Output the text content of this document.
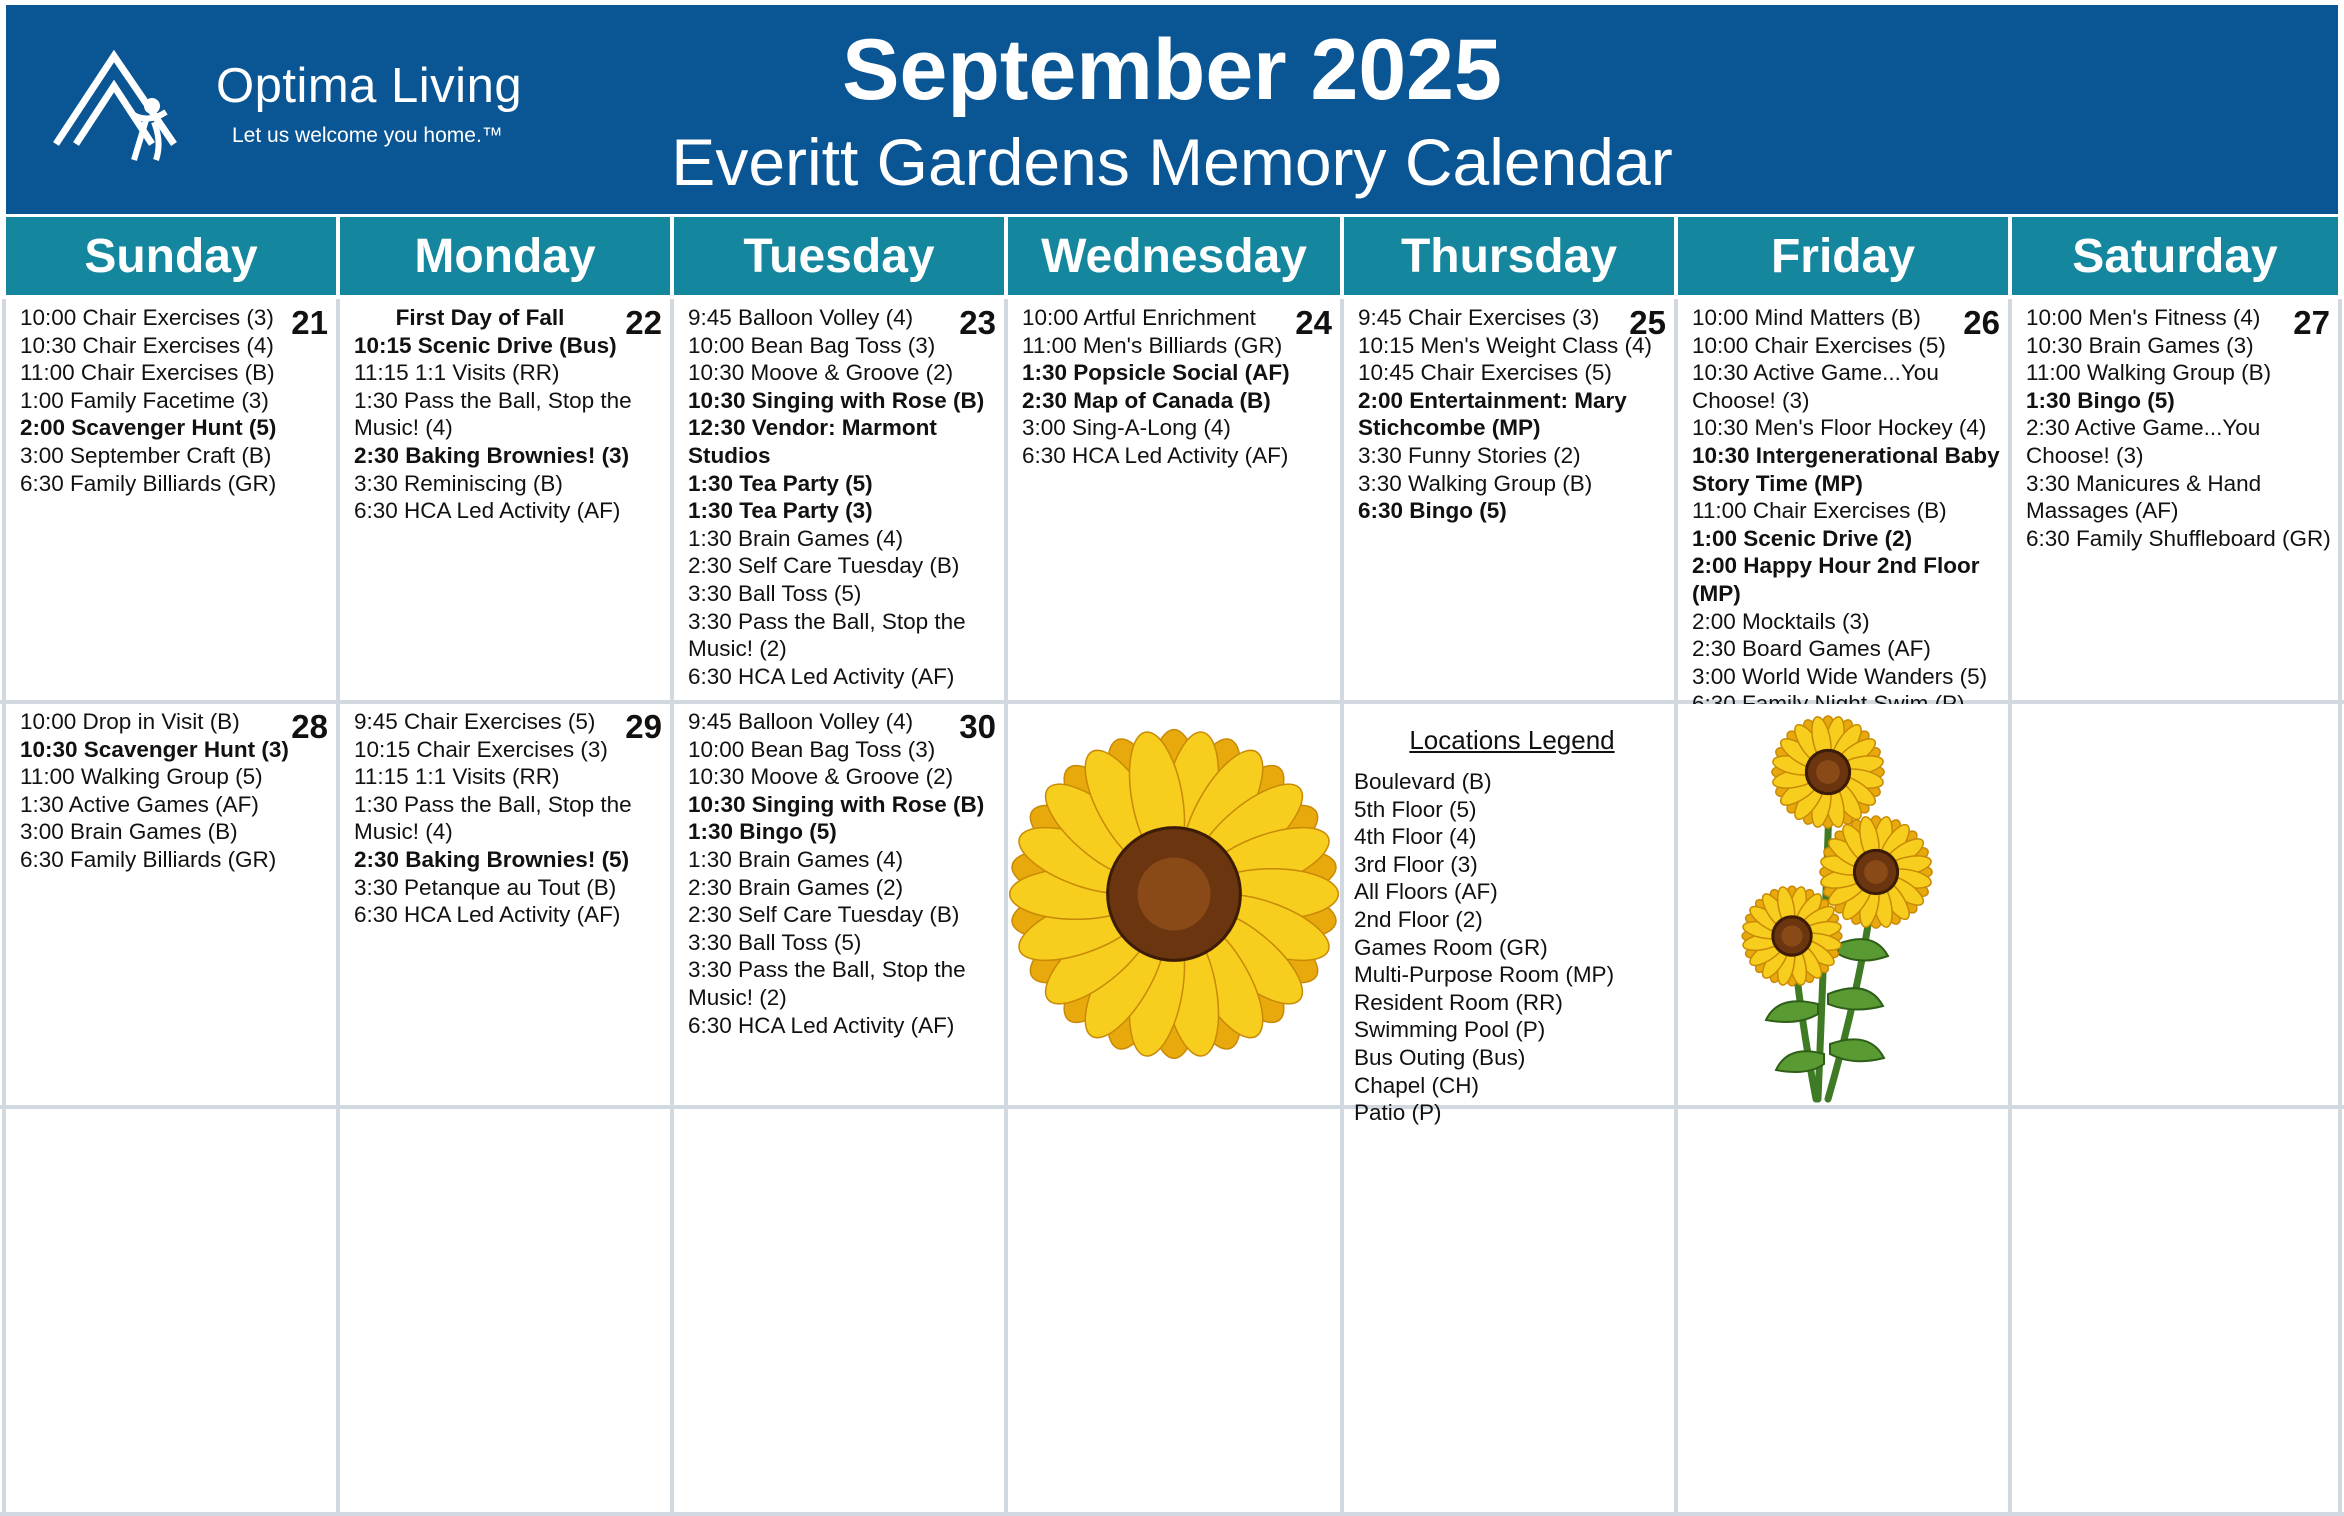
Optima Living
Let us welcome you home.™
September 2025
Everitt Gardens Memory Calendar
Sunday	Monday	Tuesday	Wednesday	Thursday	Friday	Saturday
21
10:00 Chair Exercises (3)
10:30 Chair Exercises (4)
11:00 Chair Exercises (B)
1:00 Family Facetime (3)
2:00 Scavenger Hunt (5)
3:00 September Craft (B)
6:30 Family Billiards (GR)
22
First Day of Fall
10:15 Scenic Drive (Bus)
11:15 1:1 Visits (RR)
1:30 Pass the Ball, Stop the Music! (4)
2:30 Baking Brownies! (3)
3:30 Reminiscing (B)
6:30 HCA Led Activity (AF)
23
9:45 Balloon Volley (4)
10:00 Bean Bag Toss (3)
10:30 Moove & Groove (2)
10:30 Singing with Rose (B)
12:30 Vendor: Marmont Studios
1:30 Tea Party (5)
1:30 Tea Party (3)
1:30 Brain Games (4)
2:30 Self Care Tuesday (B)
3:30 Ball Toss (5)
3:30 Pass the Ball, Stop the Music! (2)
6:30 HCA Led Activity (AF)
24
10:00 Artful Enrichment
11:00 Men's Billiards (GR)
1:30 Popsicle Social (AF)
2:30 Map of Canada (B)
3:00 Sing-A-Long (4)
6:30 HCA Led Activity (AF)
25
9:45 Chair Exercises (3)
10:15 Men's Weight Class (4)
10:45 Chair Exercises (5)
2:00 Entertainment: Mary Stichcombe (MP)
3:30 Funny Stories (2)
3:30 Walking Group (B)
6:30 Bingo (5)
26
10:00 Mind Matters (B)
10:00 Chair Exercises (5)
10:30 Active Game...You Choose! (3)
10:30 Men's Floor Hockey (4)
10:30 Intergenerational Baby Story Time (MP)
11:00 Chair Exercises (B)
1:00 Scenic Drive (2)
2:00 Happy Hour 2nd Floor (MP)
2:00 Mocktails (3)
2:30 Board Games (AF)
3:00 World Wide Wanders (5)
27
10:00 Men's Fitness (4)
10:30 Brain Games (3)
11:00 Walking Group (B)
1:30 Bingo (5)
2:30 Active Game...You Choose! (3)
3:30 Manicures & Hand Massages (AF)
6:30 Family Shuffleboard (GR)
28
10:00 Drop in Visit (B)
10:30 Scavenger Hunt (3)
11:00 Walking Group (5)
1:30 Active Games (AF)
3:00 Brain Games (B)
6:30 Family Billiards (GR)
29
9:45 Chair Exercises (5)
10:15 Chair Exercises (3)
11:15 1:1 Visits (RR)
1:30 Pass the Ball, Stop the Music! (4)
2:30 Baking Brownies! (5)
3:30 Petanque au Tout (B)
6:30 HCA Led Activity (AF)
30
9:45 Balloon Volley (4)
10:00 Bean Bag Toss (3)
10:30 Moove & Groove (2)
10:30 Singing with Rose (B)
1:30 Bingo (5)
1:30 Brain Games (4)
2:30 Brain Games (2)
2:30 Self Care Tuesday (B)
3:30 Ball Toss (5)
3:30 Pass the Ball, Stop the Music! (2)
6:30 HCA Led Activity (AF)
Locations Legend
Boulevard (B)
5th Floor (5)
4th Floor (4)
3rd Floor (3)
All Floors (AF)
2nd Floor (2)
Games Room (GR)
Multi-Purpose Room (MP)
Resident Room (RR)
Swimming Pool (P)
Bus Outing (Bus)
Chapel (CH)
Patio (P)
